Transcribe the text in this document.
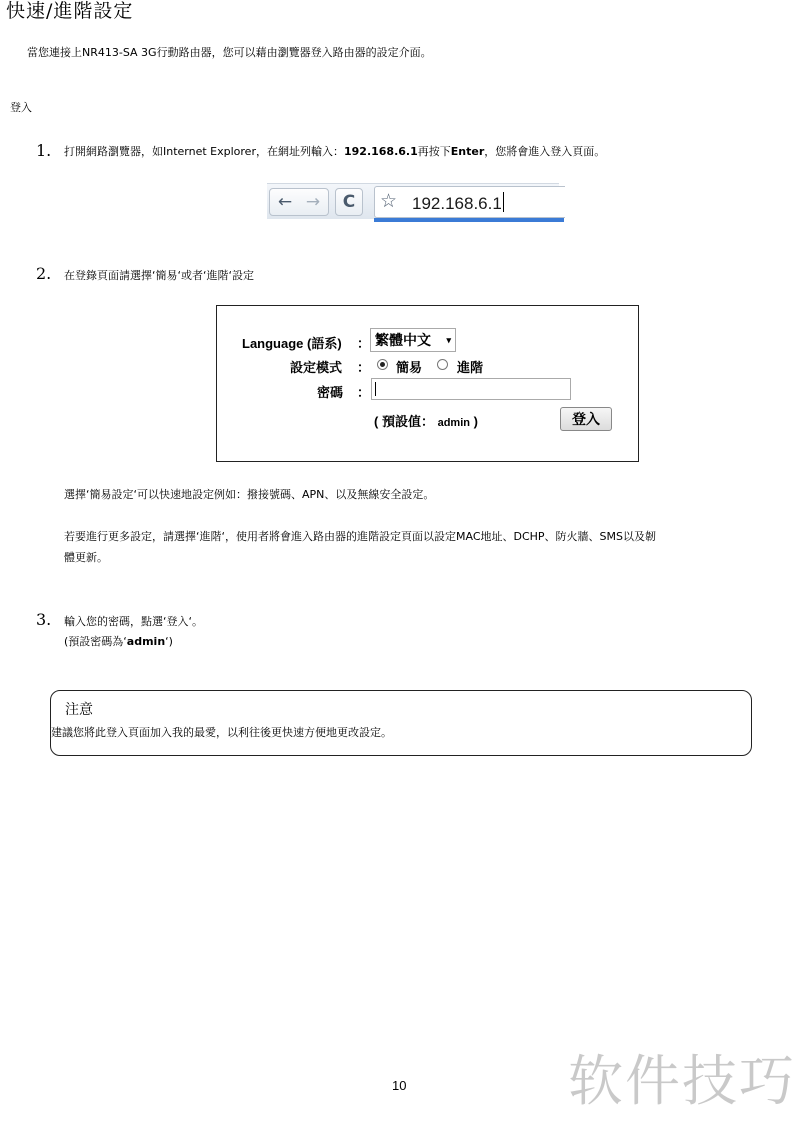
快速/進階設定
當您連接上NR413-SA 3G行動路由器，您可以藉由瀏覽器登入路由器的設定介面。
登入
1. 打開網路瀏覽器，如Internet Explorer，在網址列輸入：192.168.6.1再按下Enter，您將會進入登入頁面。
← →	C	☆ 192.168.6.1
2. 在登錄頁面請選擇‘簡易‘或者‘進階‘設定
Language (語系) ： 繁體中文 ▾
設定模式 ： 簡易	進階
密碼 ：
( 預設值： admin )	登入
選擇‘簡易設定‘可以快速地設定例如：撥接號碼、APN、以及無線安全設定。
若要進行更多設定，請選擇‘進階‘，使用者將會進入路由器的進階設定頁面以設定MAC地址、DCHP、防火牆、SMS以及韌
體更新。
3. 輸入您的密碼，點選‘登入‘。
(預設密碼為‘admin‘)
注意
建議您將此登入頁面加入我的最愛，以利往後更快速方便地更改設定。
10	软件技巧
